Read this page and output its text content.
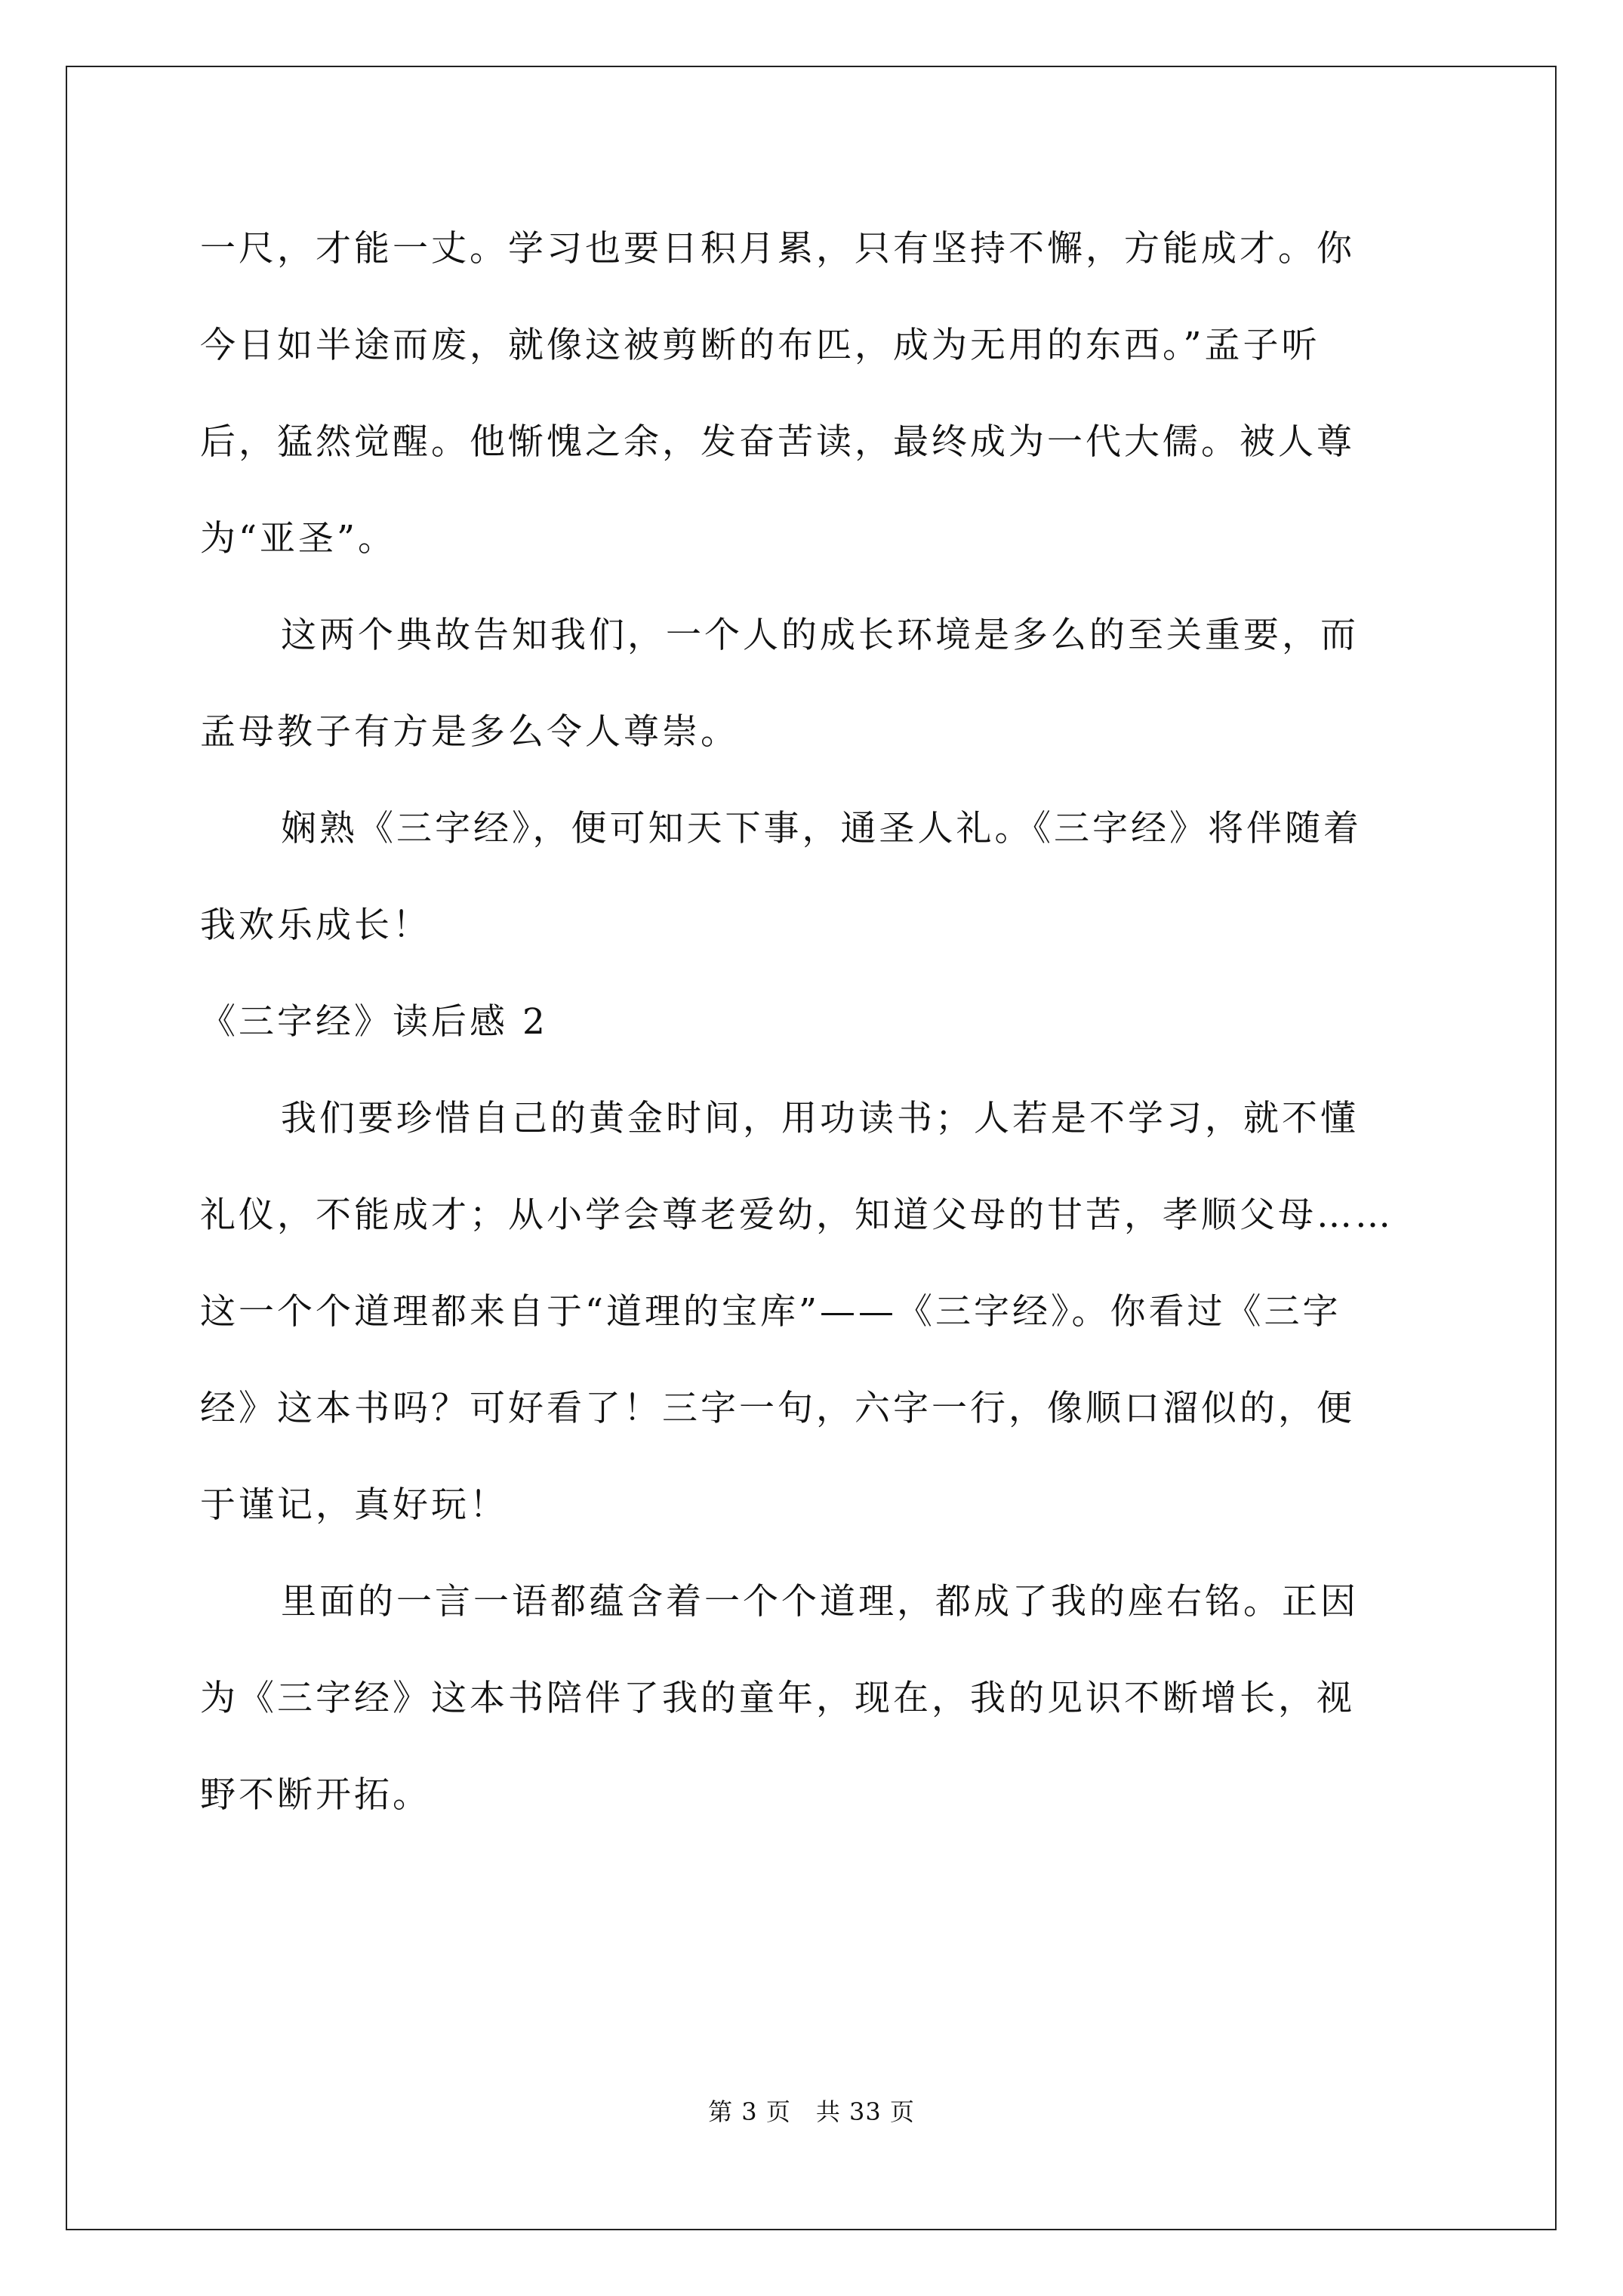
一尺，才能一丈。学习也要日积月累，只有坚持不懈，方能成才。你
今日如半途而废，就像这被剪断的布匹，成为无用的东西。”孟子听
后，猛然觉醒。他惭愧之余，发奋苦读，最终成为一代大儒。被人尊
为“亚圣”。
这两个典故告知我们，一个人的成长环境是多么的至关重要，而
孟母教子有方是多么令人尊崇。
娴熟《三字经》，便可知天下事，通圣人礼。《三字经》将伴随着
我欢乐成长！
《三字经》读后感 2
我们要珍惜自己的黄金时间，用功读书；人若是不学习，就不懂
礼仪，不能成才；从小学会尊老爱幼，知道父母的甘苦，孝顺父母……
这一个个道理都来自于“道理的宝库”——《三字经》。你看过《三字
经》这本书吗？可好看了！三字一句，六字一行，像顺口溜似的，便
于谨记，真好玩！
里面的一言一语都蕴含着一个个道理，都成了我的座右铭。正因
为《三字经》这本书陪伴了我的童年，现在，我的见识不断增长，视
野不断开拓。
第 3 页　共 33 页
